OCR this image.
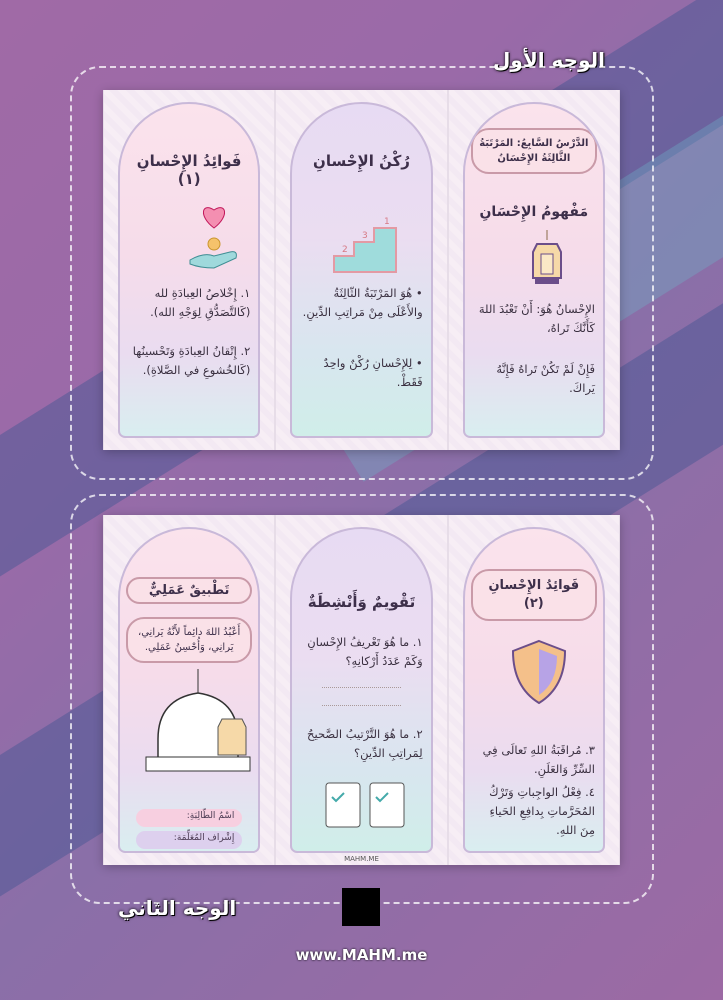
الوجه الأول
فَوائِدُ الإِحْسانِ (١)
١. إِخْلاصُ العِبادَةِ لله (كَالتَّصَدُّقِ لِوَجْهِ الله).
٢. إِتْقانُ العِبادَةِ وَتَحْسينُها (كَالخُشوعِ في الصَّلاةِ).
رُكْنُ الإِحْسانِ
2
3
1
• هُوَ المَرْتَبَةُ الثّالِثَةُ والأَعْلَى مِنْ مَراتِبِ الدِّينِ.
• لِلإِحْسانِ رُكْنٌ واحِدٌ فَقَطْ.
الدَّرْسُ السَّابِعُ: المَرْتَبَةُ الثَّالِثَةُ الإِحْسَانُ
مَفْهومُ الإِحْسَانِ
الإِحْسانُ هُوَ: أَنْ تَعْبُدَ اللهَ كَأَنَّكَ تَراهُ،
فَإِنْ لَمْ تَكُنْ تَراهُ فَإِنَّهُ يَراكَ.
تَطْبيقٌ عَمَلِيٌّ
أَعْبُدُ اللهَ دائِماً لأَنَّهُ يَرانِي، يَرانِي، وَأُحْسِنُ عَمَلِي.
اسْمُ الطّالِبَةِ:
إِشْراف المُعَلِّمَة:
تَقْويمٌ وَأَنْشِطَةٌ
١. ما هُوَ تَعْريفُ الإِحْسانِ وَكَمْ عَدَدُ أَرْكانِهِ؟
٢. ما هُوَ التَّرْتيبُ الصَّحيحُ لِمَراتِبِ الدِّينِ؟
فَوائِدُ الإِحْسانِ (٢)
٣. مُراقَبَةُ اللهِ تَعالَى فِي السِّرِّ وَالعَلَنِ.
٤. فِعْلُ الواجِباتِ وَتَرْكُ المُحَرَّماتِ بِدافِعِ الحَياءِ مِنَ اللهِ.
MAHM.ME
الوجه الثاني
www.MAHM.me
